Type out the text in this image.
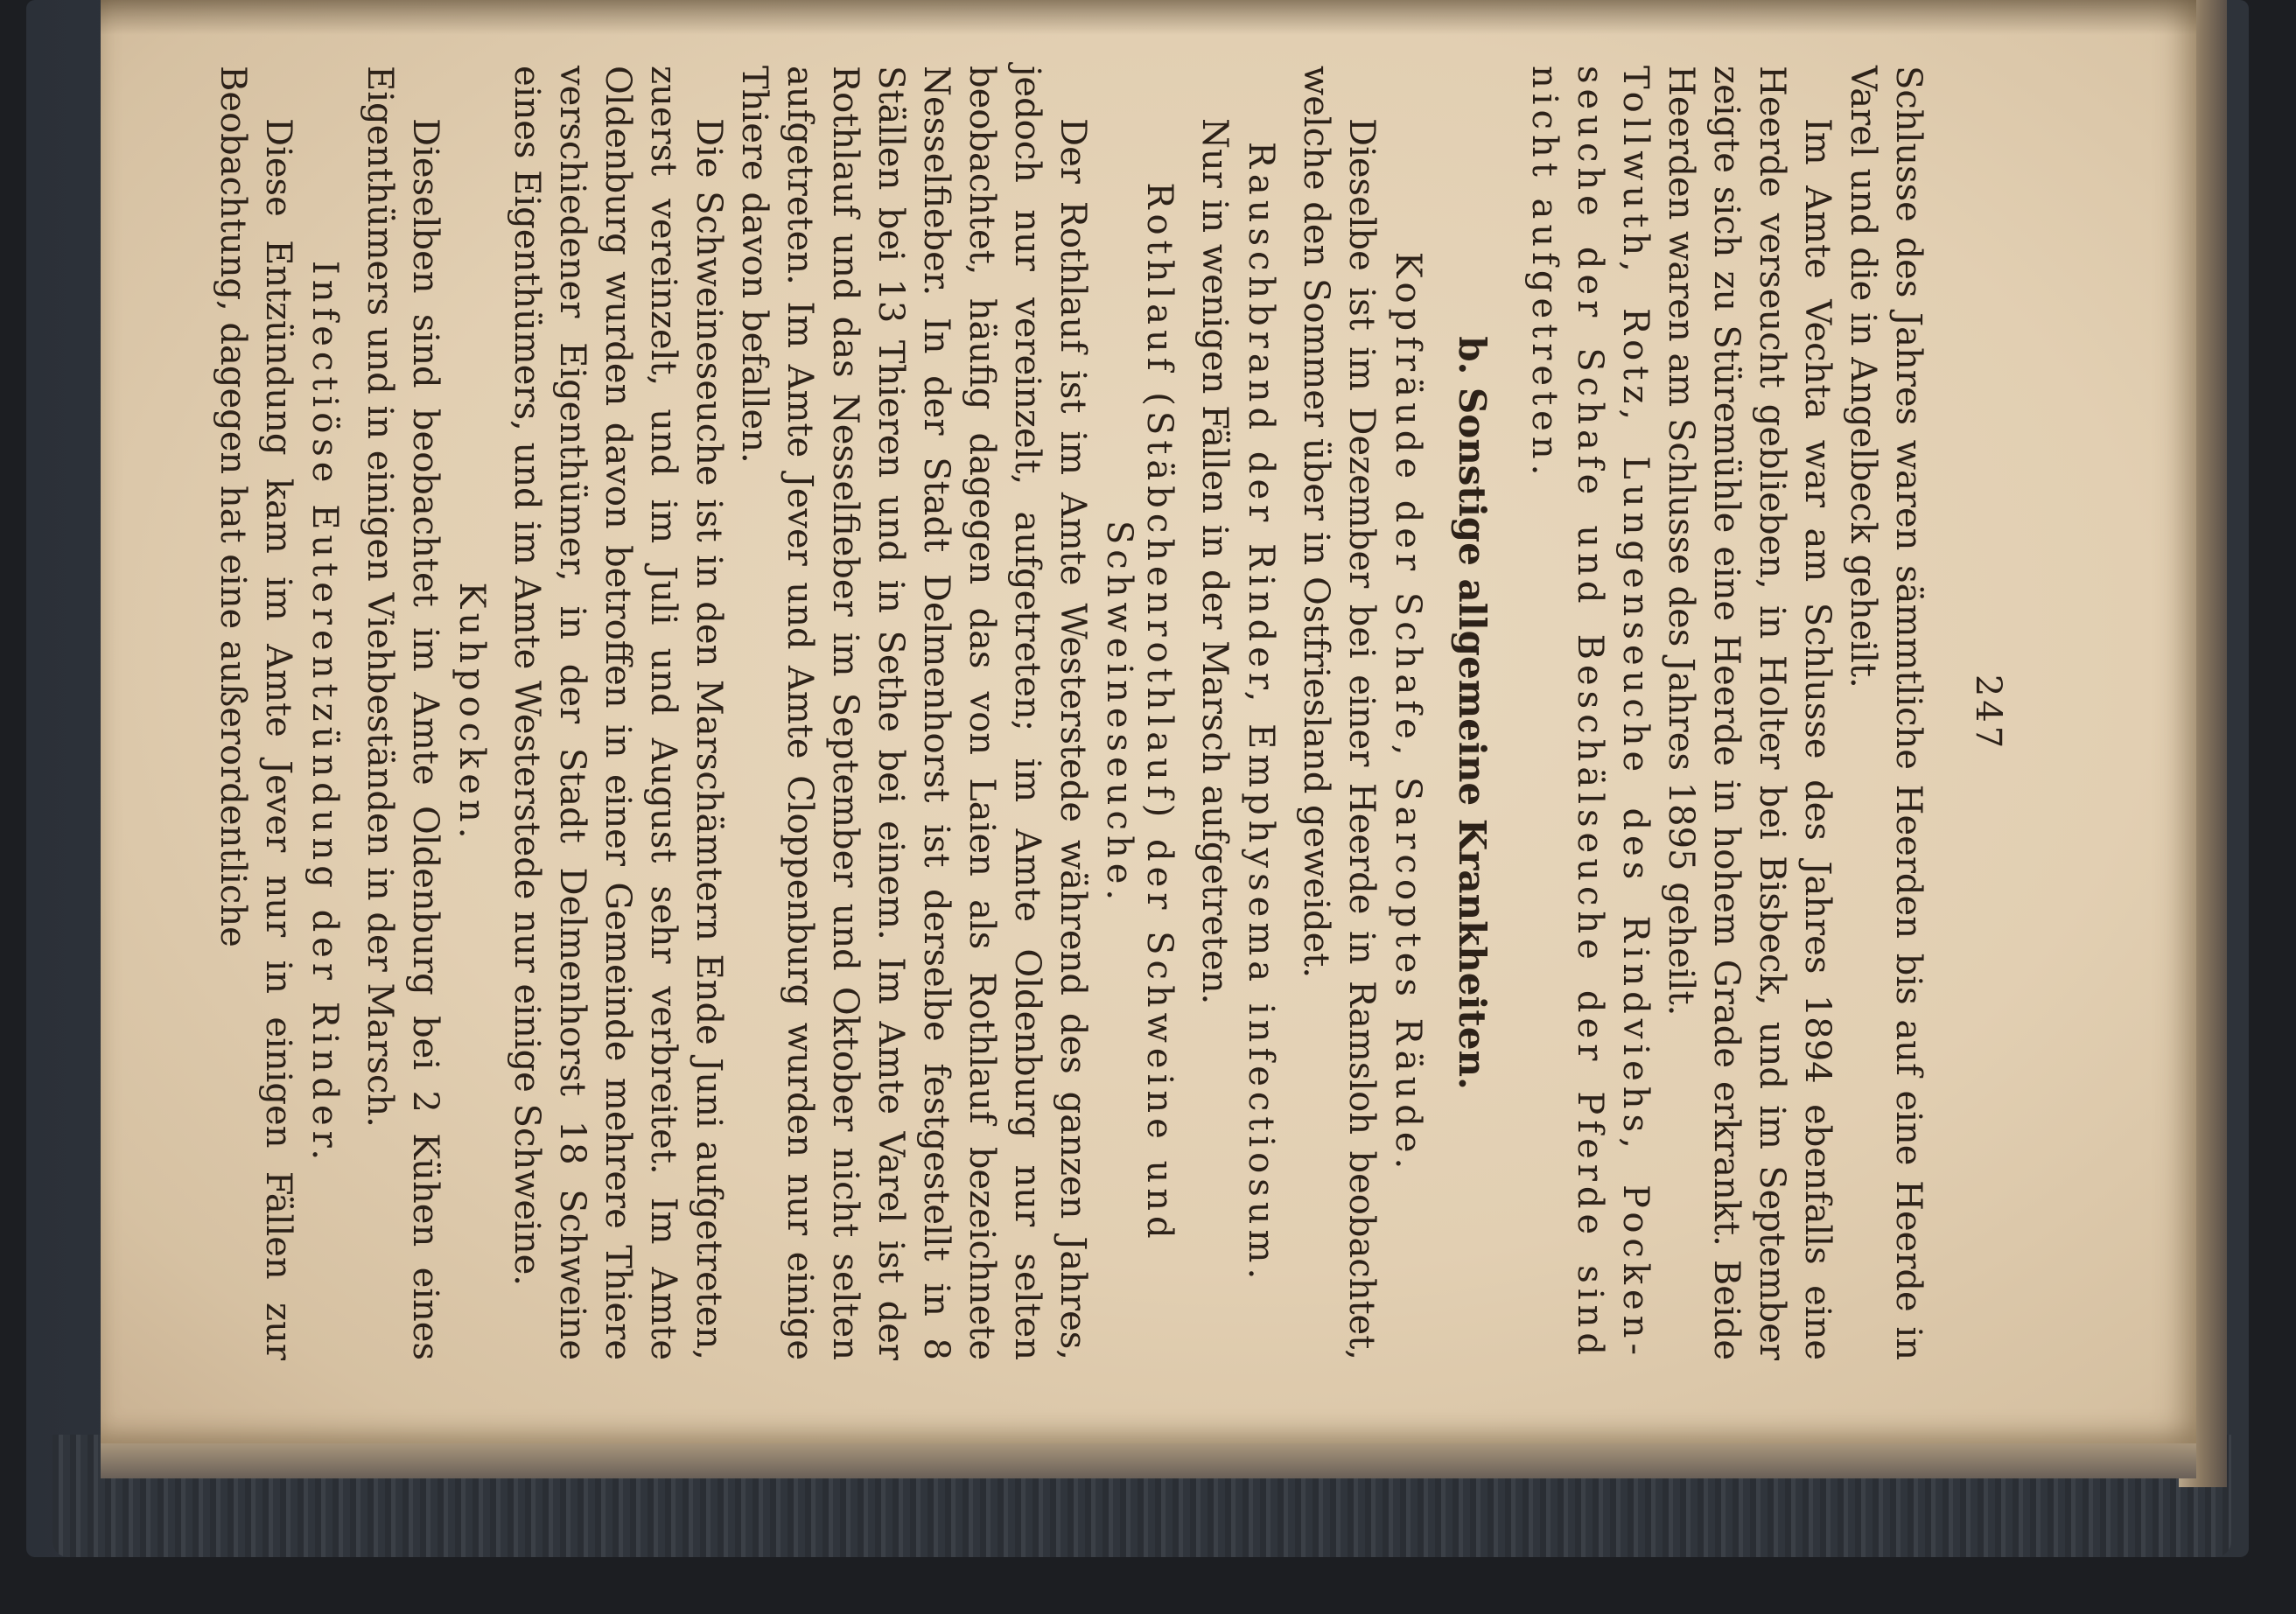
247

Schlusse des Jahres waren sämmtliche Heerden bis auf eine Heerde in Varel und die in Angelbeck geheilt.

Im Amte Vechta war am Schlusse des Jahres 1894 ebenfalls eine Heerde verseucht geblieben, in Holter bei Bisbeck, und im September zeigte sich zu Stüremühle eine Heerde in hohem Grade erkrankt. Beide Heerden waren am Schlusse des Jahres 1895 geheilt.

Tollwuth, Rotz, Lungenseuche des Rindviehs, Pocken-seuche der Schafe und Beschälseuche der Pferde sind nicht aufgetreten.

b. Sonstige allgemeine Krankheiten.
Kopfräude der Schafe, Sarcoptes Räude.

Dieselbe ist im Dezember bei einer Heerde in Ramsloh beobachtet, welche den Sommer über in Ostfriesland geweidet.

Rauschbrand der Rinder, Emphysema infectiosum.

Nur in wenigen Fällen in der Marsch aufgetreten.

Rothlauf (Stäbchenrothlauf) der Schweine und Schweineseuche.

Der Rothlauf ist im Amte Westerstede während des ganzen Jahres, jedoch nur vereinzelt, aufgetreten; im Amte Oldenburg nur selten beobachtet, häufig dagegen das von Laien als Rothlauf bezeichnete Nesselfieber. In der Stadt Delmenhorst ist derselbe festgestellt in 8 Ställen bei 13 Thieren und in Sethe bei einem. Im Amte Varel ist der Rothlauf und das Nesselfieber im September und Oktober nicht selten aufgetreten. Im Amte Jever und Amte Cloppenburg wurden nur einige Thiere davon befallen.

Die Schweineseuche ist in den Marschämtern Ende Juni aufgetreten, zuerst vereinzelt, und im Juli und August sehr verbreitet. Im Amte Oldenburg wurden davon betroffen in einer Gemeinde mehrere Thiere verschiedener Eigenthümer, in der Stadt Delmenhorst 18 Schweine eines Eigenthümers, und im Amte Westerstede nur einige Schweine.

Kuhpocken.

Dieselben sind beobachtet im Amte Oldenburg bei 2 Kühen eines Eigenthümers und in einigen Viehbeständen in der Marsch.

Infectiöse Euterentzündung der Rinder.

Diese Entzündung kam im Amte Jever nur in einigen Fällen zur Beobachtung, dagegen hat eine außerordentliche
